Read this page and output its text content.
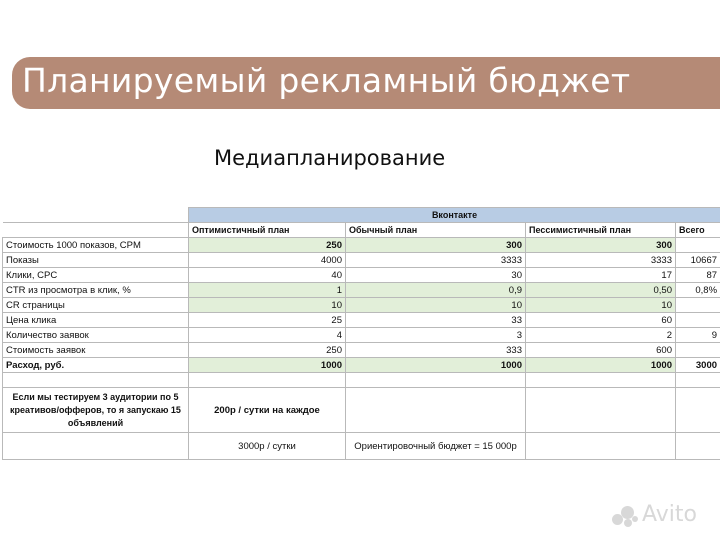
Планируемый рекламный бюджет
Медиапланирование
	Вконтакте			
	Оптимистичный план	Обычный план	Пессимистичный план	Всего
Стоимость 1000 показов, CPM	250	300	300	
Показы	4000	3333	3333	10667
Клики, CPC	40	30	17	87
CTR из просмотра в клик, %	1	0,9	0,50	0,8%
CR страницы	10	10	10	
Цена клика	25	33	60	
Количество заявок	4	3	2	9
Стоимость заявок	250	333	600	
Расход, руб.	1000	1000	1000	3000

Если мы тестируем 3 аудитории по 5 креативов/офферов, то я запускаю 15 объявлений	200р / сутки на каждое			
	3000р / сутки	Ориентировочный бюджет = 15 000р		
Avito
